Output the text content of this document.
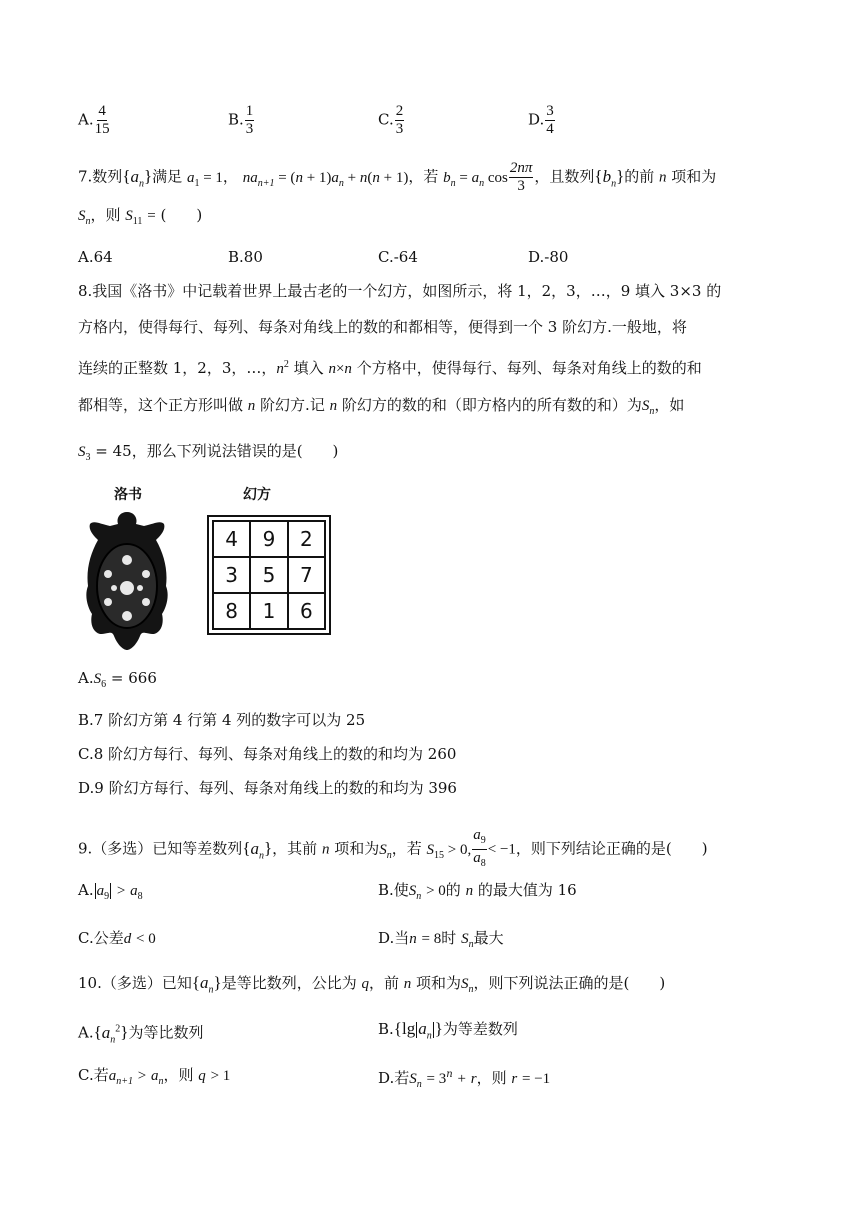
A. $\frac{4}{15}$	B. $\frac{1}{3}$	C. $\frac{2}{3}$	D. $\frac{3}{4}$
7.数列$\{a_n\}$满足 $a_1 = 1$， $na_{n+1} = (n + 1)a_n + n(n + 1)$，若 $b_n = a_n$ $\cos \frac{2n\pi}{3}$ ，且数列$\{b_n\}$的前 n 项和为
$S_n$，则 $S_{11}$ = (　　)
A.64	B.80	C.-64	D.-80
8.我国《洛书》中记载着世界上最古老的一个幻方，如图所示，将 1，2，3，…，9 填入 3×3 的
方格内，使得每行、每列、每条对角线上的数的和都相等，便得到一个 3 阶幻方.一般地，将
连续的正整数 1，2，3，…，$n^2$ 填入 n×n 个方格中，使得每行、每列、每条对角线上的数的和
都相等，这个正方形叫做 n 阶幻方.记 n 阶幻方的数的和（即方格内的所有数的和）为$S_n$，如
$S_3 = 45$，那么下列说法错误的是(　　)
洛书	幻方
4	9	2
3	5	7
8	1	6
$A.S_6 = 666$
B.7 阶幻方第 4 行第 4 列的数字可以为 25
C.8 阶幻方每行、每列、每条对角线上的数的和均为 260
D.9 阶幻方每行、每列、每条对角线上的数的和均为 396
9.（多选）已知等差数列$\{a_n\}$，其前 n 项和为$S_n$，若 $S_{15} > 0$, $\frac{a_9}{a_8} < -1$，则下列结论正确的是(　　)
A. $a_9 > a_8$	B.使$S_n > 0$的 n 的最大值为 16
C.公差d < 0	D.当n = 8时 $S_n$最大
10.（多选）已知$\{a_n\}$是等比数列，公比为 q，前 n 项和为$S_n$，则下列说法正确的是(　　)
$A.\{a_n^2\}$为等比数列	B.{lg $a_n$ }为等差数列
C.若$a_{n+1} > a_n$，则 q > 1	D.若$S_n = 3^n + r$，则 r = −1
